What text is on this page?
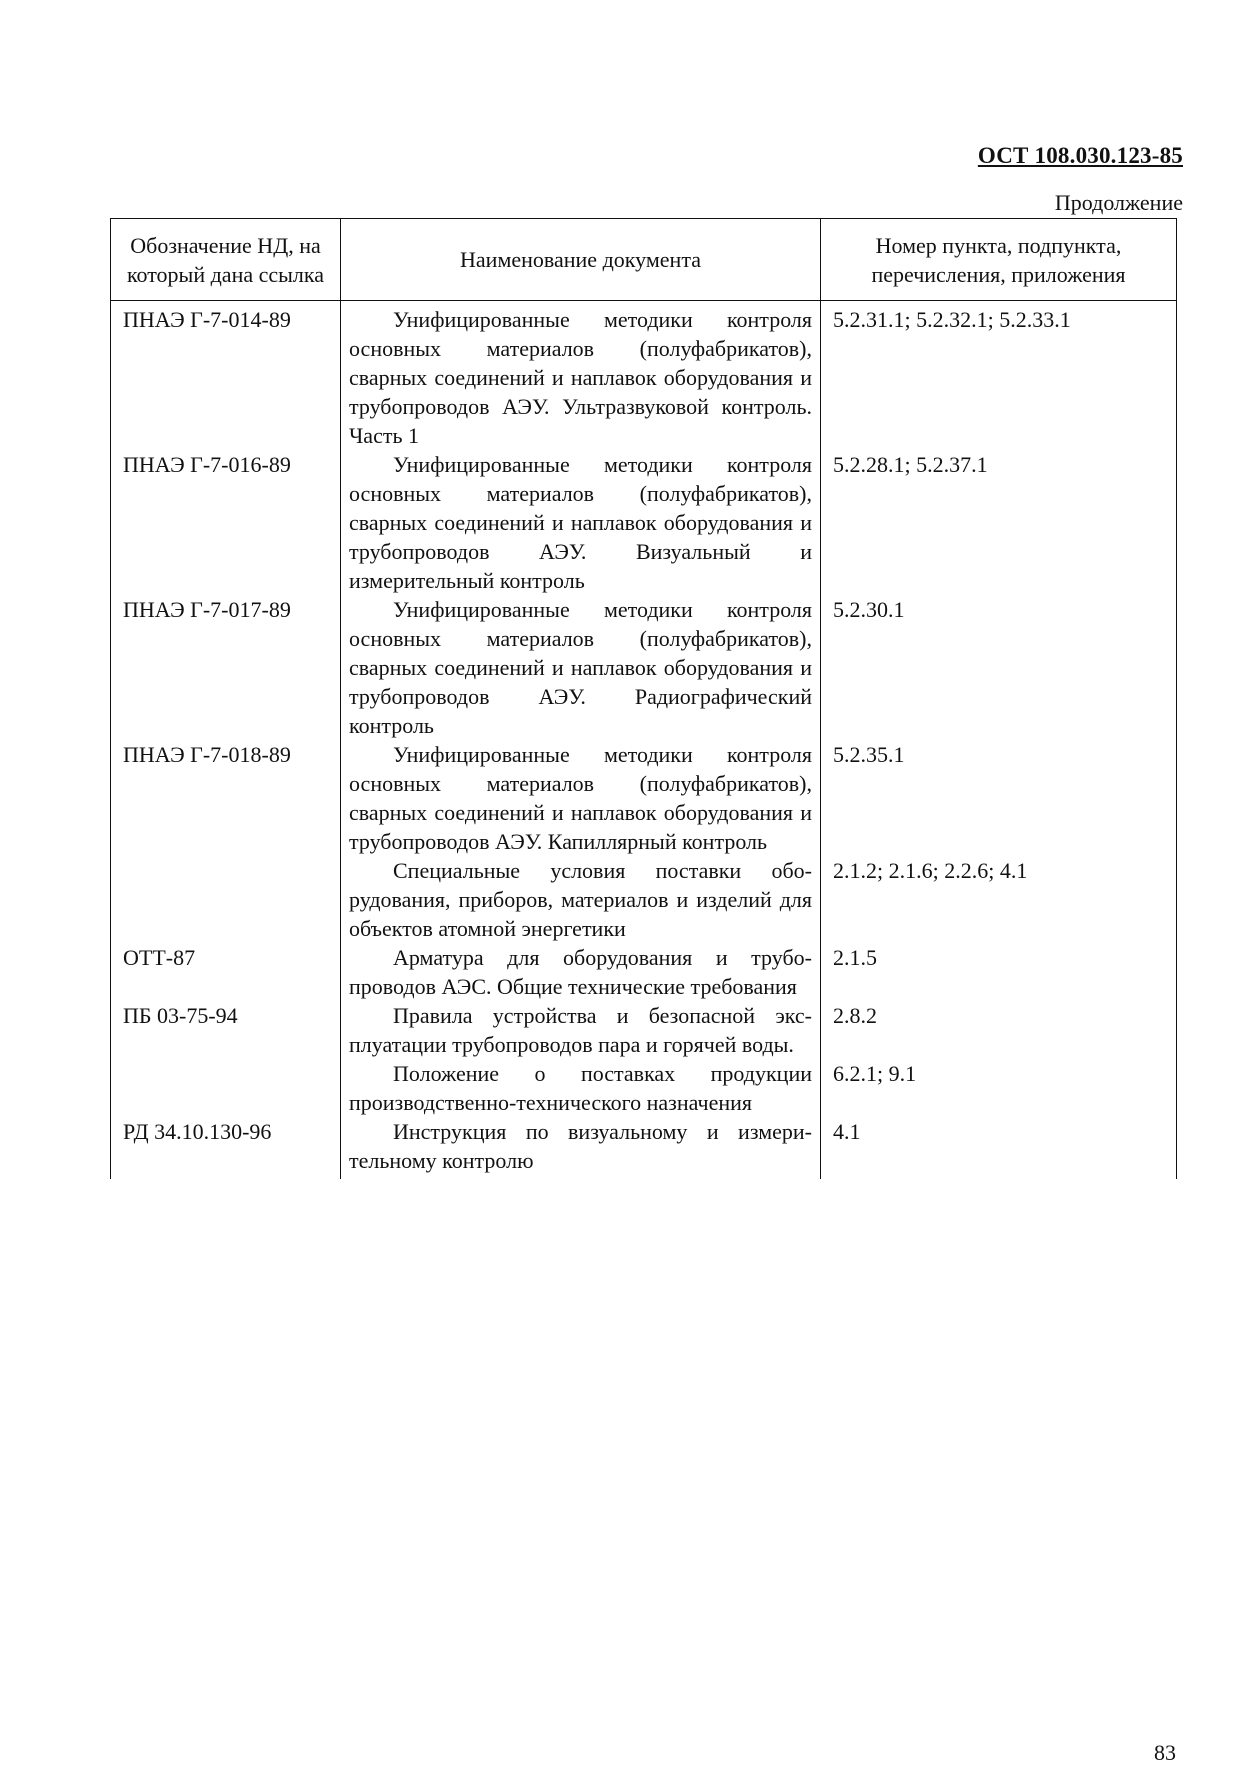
ОСТ 108.030.123-85
Продолжение
Обозначение НД, на который дана ссылка	Наименование документа	Номер пункта, подпункта, перечисления, приложения
ПНАЭ Г-7-014-89	Унифицированные методики контроля основных материалов (полуфабрикатов), сварных соединений и наплавок оборудования и трубопроводов АЭУ. Ультразвуковой контроль. Часть 1	5.2.31.1; 5.2.32.1; 5.2.33.1
ПНАЭ Г-7-016-89	Унифицированные методики контроля основных материалов (полуфабрикатов), сварных соединений и наплавок оборудования и трубопроводов АЭУ. Визуальный и измерительный контроль	5.2.28.1; 5.2.37.1
ПНАЭ Г-7-017-89	Унифицированные методики контроля основных материалов (полуфабрикатов), сварных соединений и наплавок оборудования и трубопроводов АЭУ. Радиографический контроль	5.2.30.1
ПНАЭ Г-7-018-89	Унифицированные методики контроля основных материалов (полуфабрикатов), сварных соединений и наплавок оборудования и трубопроводов АЭУ. Капиллярный контроль	5.2.35.1
	Специальные условия поставки оборудования, приборов, материалов и изделий для объектов атомной энергетики	2.1.2; 2.1.6; 2.2.6; 4.1
ОТТ-87	Арматура для оборудования и трубопроводов АЭС. Общие технические требования	2.1.5
ПБ 03-75-94	Правила устройства и безопасной эксплуатации трубопроводов пара и горячей воды.	2.8.2
	Положение о поставках продукции производственно-технического назначения	6.2.1; 9.1
РД 34.10.130-96	Инструкция по визуальному и измерительному контролю	4.1
83
